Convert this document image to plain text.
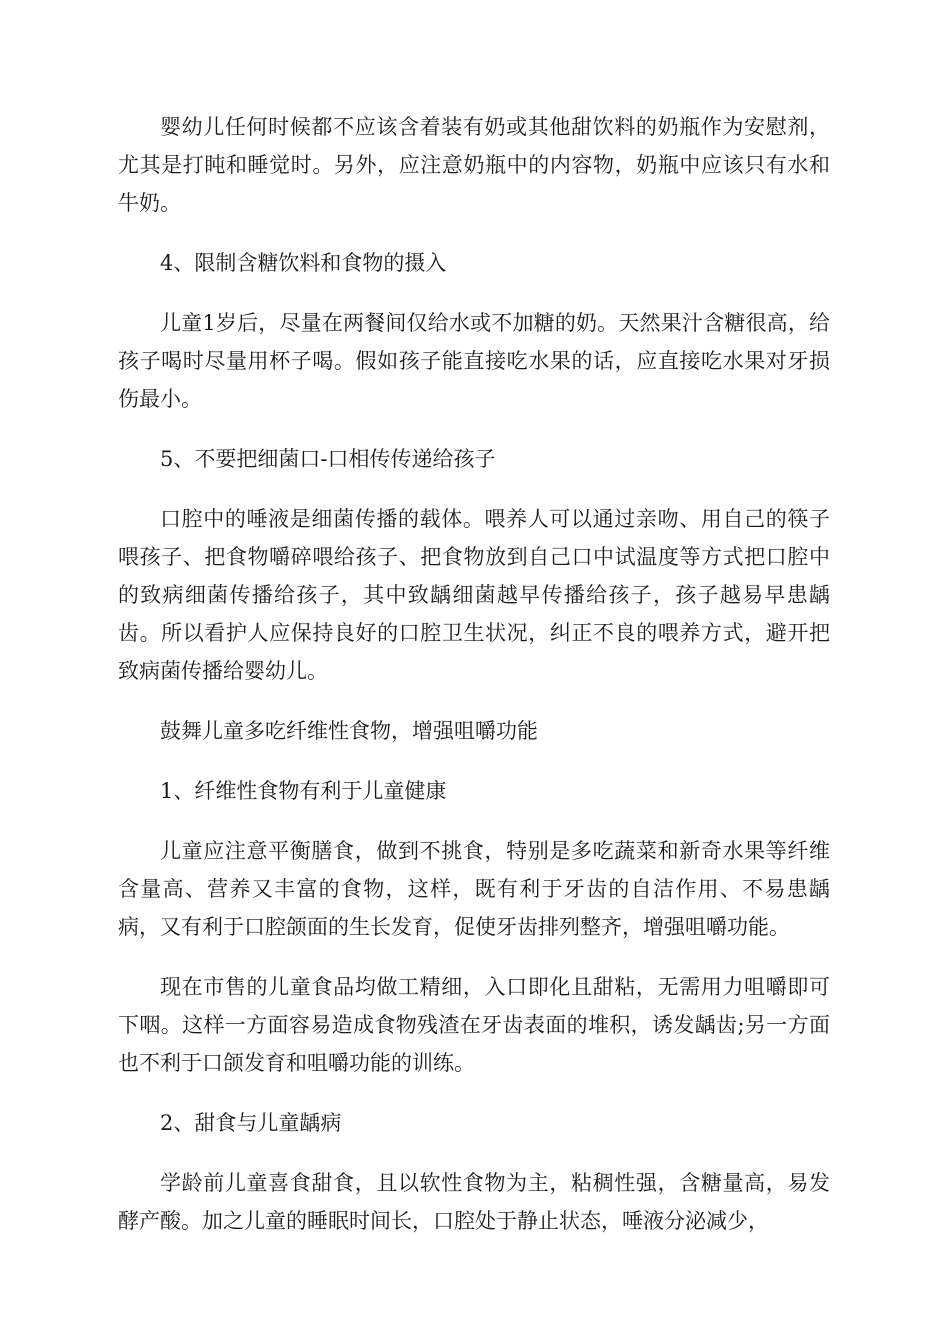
婴幼儿任何时候都不应该含着装有奶或其他甜饮料的奶瓶作为安慰剂，尤其是打盹和睡觉时。另外，应注意奶瓶中的内容物，奶瓶中应该只有水和牛奶。

4、限制含糖饮料和食物的摄入

儿童1岁后，尽量在两餐间仅给水或不加糖的奶。天然果汁含糖很高，给孩子喝时尽量用杯子喝。假如孩子能直接吃水果的话，应直接吃水果对牙损伤最小。

5、不要把细菌口-口相传传递给孩子

口腔中的唾液是细菌传播的载体。喂养人可以通过亲吻、用自己的筷子喂孩子、把食物嚼碎喂给孩子、把食物放到自己口中试温度等方式把口腔中的致病细菌传播给孩子，其中致龋细菌越早传播给孩子，孩子越易早患龋齿。所以看护人应保持良好的口腔卫生状况，纠正不良的喂养方式，避开把致病菌传播给婴幼儿。

鼓舞儿童多吃纤维性食物，增强咀嚼功能

1、纤维性食物有利于儿童健康

儿童应注意平衡膳食，做到不挑食，特别是多吃蔬菜和新奇水果等纤维含量高、营养又丰富的食物，这样，既有利于牙齿的自洁作用、不易患龋病，又有利于口腔颌面的生长发育，促使牙齿排列整齐，增强咀嚼功能。

现在市售的儿童食品均做工精细，入口即化且甜粘，无需用力咀嚼即可下咽。这样一方面容易造成食物残渣在牙齿表面的堆积，诱发龋齿;另一方面也不利于口颌发育和咀嚼功能的训练。

2、甜食与儿童龋病

学龄前儿童喜食甜食，且以软性食物为主，粘稠性强，含糖量高，易发酵产酸。加之儿童的睡眠时间长，口腔处于静止状态，唾液分泌减少，
